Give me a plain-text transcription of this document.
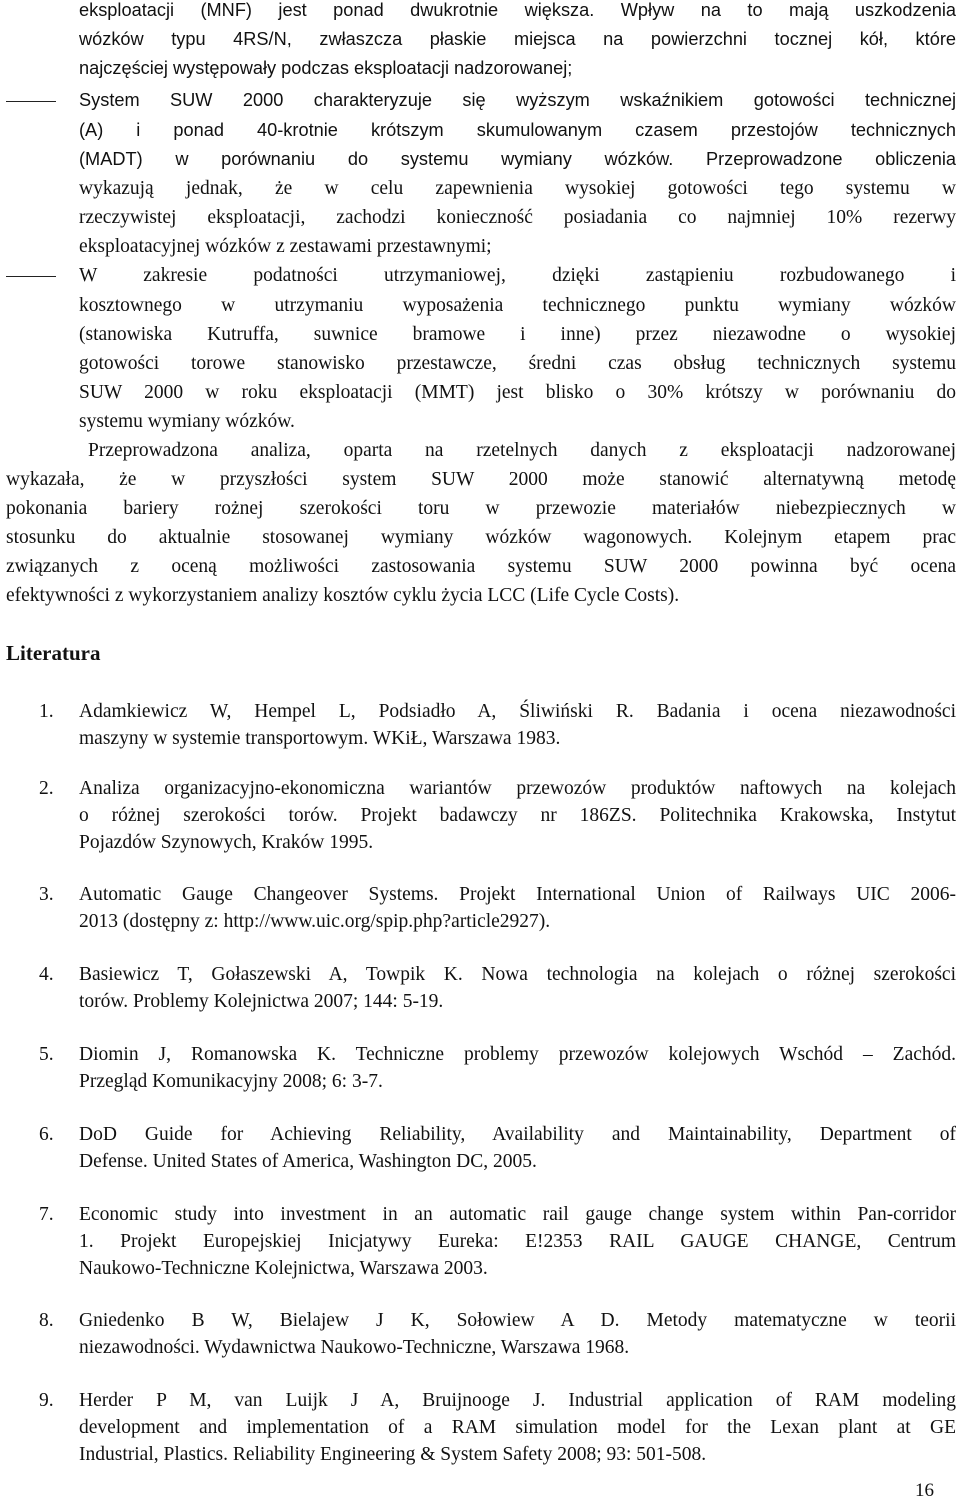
eksploatacji (MNF) jest ponad dwukrotnie większa. Wpływ na to mają uszkodzenia
wózków typu 4RS/N, zwłaszcza płaskie miejsca na powierzchni tocznej kół, które
najczęściej występowały podczas eksploatacji nadzorowanej;
System SUW 2000 charakteryzuje się wyższym wskaźnikiem gotowości technicznej
(A) i ponad 40-krotnie krótszym skumulowanym czasem przestojów technicznych
(MADT) w porównaniu do systemu wymiany wózków. Przeprowadzone obliczenia
wykazują jednak, że w celu zapewnienia wysokiej gotowości tego systemu w
rzeczywistej eksploatacji, zachodzi konieczność posiadania co najmniej 10% rezerwy
eksploatacyjnej wózków z zestawami przestawnymi;
W zakresie podatności utrzymaniowej, dzięki zastąpieniu rozbudowanego i
kosztownego w utrzymaniu wyposażenia technicznego punktu wymiany wózków
(stanowiska Kutruffa, suwnice bramowe i inne) przez niezawodne o wysokiej
gotowości torowe stanowisko przestawcze, średni czas obsług technicznych systemu
SUW 2000 w roku eksploatacji (MMT) jest blisko o 30% krótszy w porównaniu do
systemu wymiany wózków.
Przeprowadzona analiza, oparta na rzetelnych danych z eksploatacji nadzorowanej
wykazała, że w przyszłości system SUW 2000 może stanowić alternatywną metodę
pokonania bariery rożnej szerokości toru w przewozie materiałów niebezpiecznych w
stosunku do aktualnie stosowanej wymiany wózków wagonowych. Kolejnym etapem prac
związanych z oceną możliwości zastosowania systemu SUW 2000 powinna być ocena
efektywności z wykorzystaniem analizy kosztów cyklu życia LCC (Life Cycle Costs).
Literatura
1. Adamkiewicz W, Hempel L, Podsiadło A, Śliwiński R. Badania i ocena niezawodności
maszyny w systemie transportowym. WKiŁ, Warszawa 1983.
2. Analiza organizacyjno-ekonomiczna wariantów przewozów produktów naftowych na kolejach
o różnej szerokości torów. Projekt badawczy nr 186ZS. Politechnika Krakowska, Instytut
Pojazdów Szynowych, Kraków 1995.
3. Automatic Gauge Changeover Systems. Projekt International Union of Railways UIC 2006-
2013 (dostępny z: http://www.uic.org/spip.php?article2927).
4. Basiewicz T, Gołaszewski A, Towpik K. Nowa technologia na kolejach o różnej szerokości
torów. Problemy Kolejnictwa 2007; 144: 5-19.
5. Diomin J, Romanowska K. Techniczne problemy przewozów kolejowych Wschód – Zachód.
Przegląd Komunikacyjny 2008; 6: 3-7.
6. DoD Guide for Achieving Reliability, Availability and Maintainability, Department of
Defense. United States of America, Washington DC, 2005.
7. Economic study into investment in an automatic rail gauge change system within Pan-corridor
1. Projekt Europejskiej Inicjatywy Eureka: E!2353 RAIL GAUGE CHANGE, Centrum
Naukowo-Techniczne Kolejnictwa, Warszawa 2003.
8. Gniedenko B W, Bielajew J K, Sołowiew A D. Metody matematyczne w teorii
niezawodności. Wydawnictwa Naukowo-Techniczne, Warszawa 1968.
9. Herder P M, van Luijk J A, Bruijnooge J. Industrial application of RAM modeling
development and implementation of a RAM simulation model for the Lexan plant at GE
Industrial, Plastics. Reliability Engineering & System Safety 2008; 93: 501-508.
16
